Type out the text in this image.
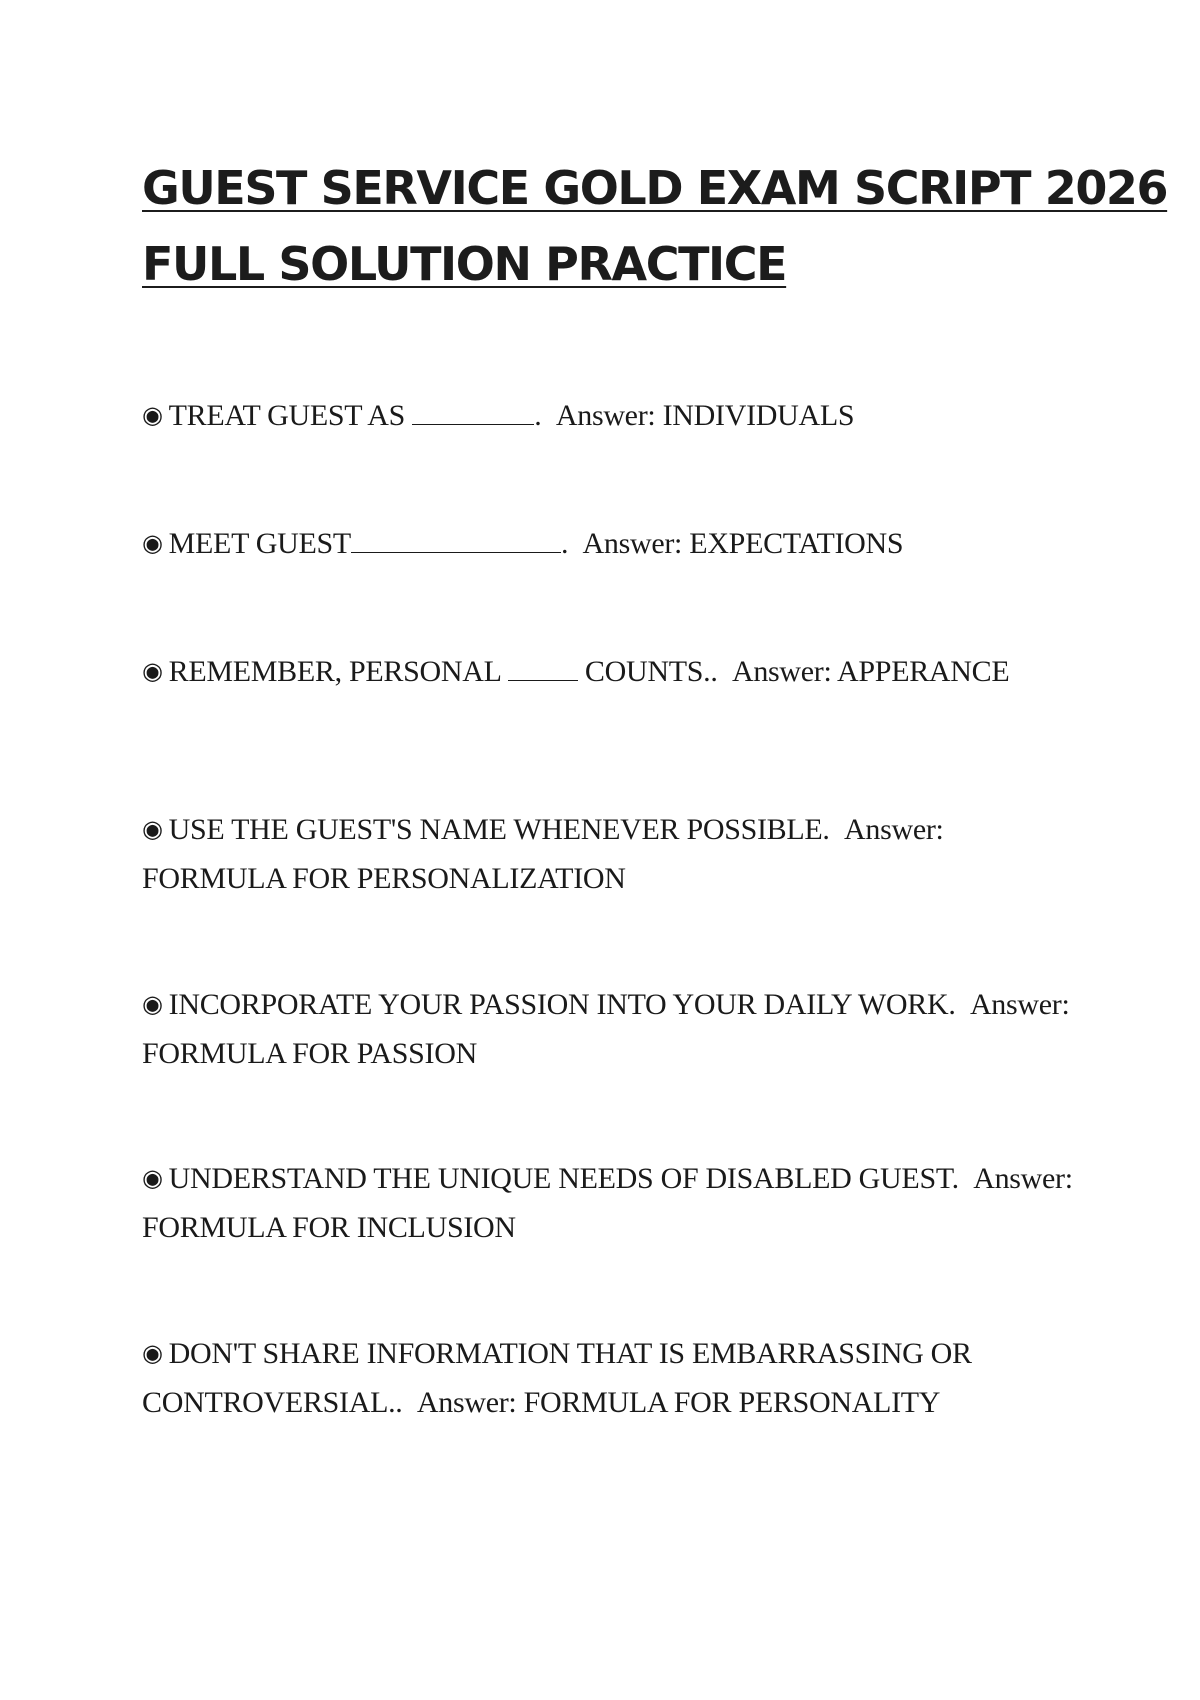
GUEST SERVICE GOLD EXAM SCRIPT 2026
FULL SOLUTION PRACTICE
◉ TREAT GUEST AS	. Answer: INDIVIDUALS
◉ MEET GUEST	. Answer: EXPECTATIONS
◉ REMEMBER, PERSONAL  COUNTS.. Answer: APPERANCE
◉ USE THE GUEST'S NAME WHENEVER POSSIBLE. Answer: FORMULA FOR PERSONALIZATION
◉ INCORPORATE YOUR PASSION INTO YOUR DAILY WORK. Answer: FORMULA FOR PASSION
◉ UNDERSTAND THE UNIQUE NEEDS OF DISABLED GUEST. Answer: FORMULA FOR INCLUSION
◉ DON'T SHARE INFORMATION THAT IS EMBARRASSING OR CONTROVERSIAL.. Answer: FORMULA FOR PERSONALITY
